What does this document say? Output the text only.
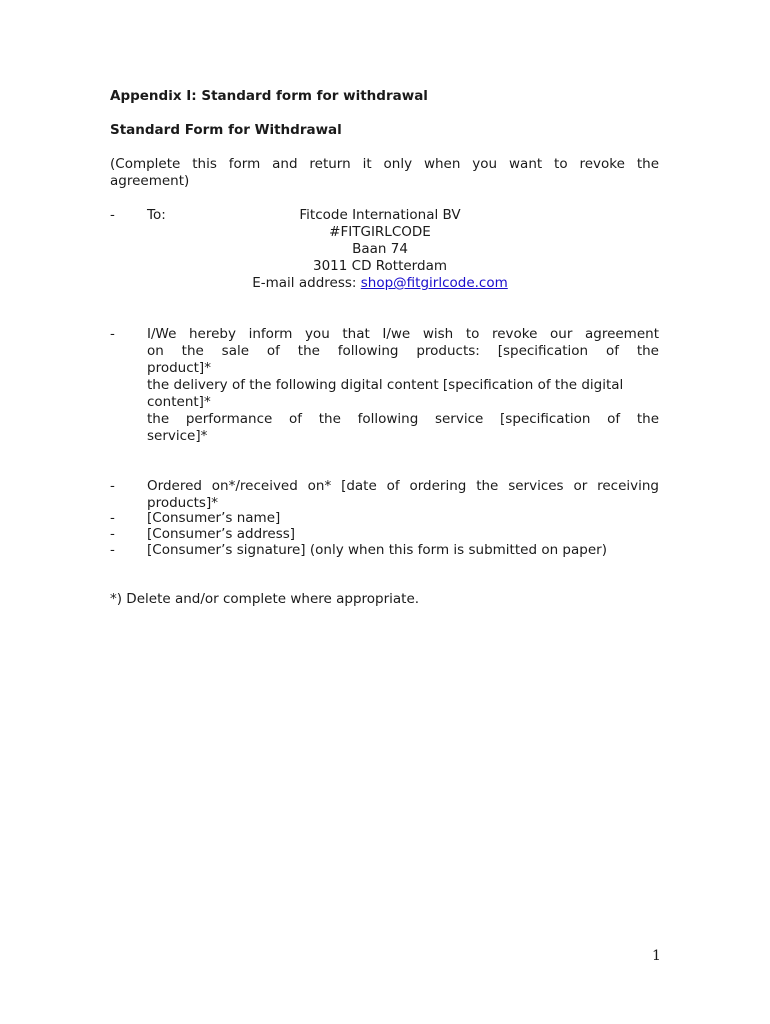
Appendix I: Standard form for withdrawal
Standard Form for Withdrawal
(Complete this form and return it only when you want to revoke the
agreement)
- To:	Fitcode International BV
#FITGIRLCODE
Baan 74
3011 CD Rotterdam
E-mail address: shop@fitgirlcode.com
- I/We hereby inform you that I/we wish to revoke our agreement
on the sale of the following products: [specification of the
product]*
the delivery of the following digital content [specification of the digital
content]*
the performance of the following service [specification of the
service]*
- Ordered on*/received on* [date of ordering the services or receiving
products]*
- [Consumer’s name]
- [Consumer’s address]
- [Consumer’s signature] (only when this form is submitted on paper)
*) Delete and/or complete where appropriate.
1
